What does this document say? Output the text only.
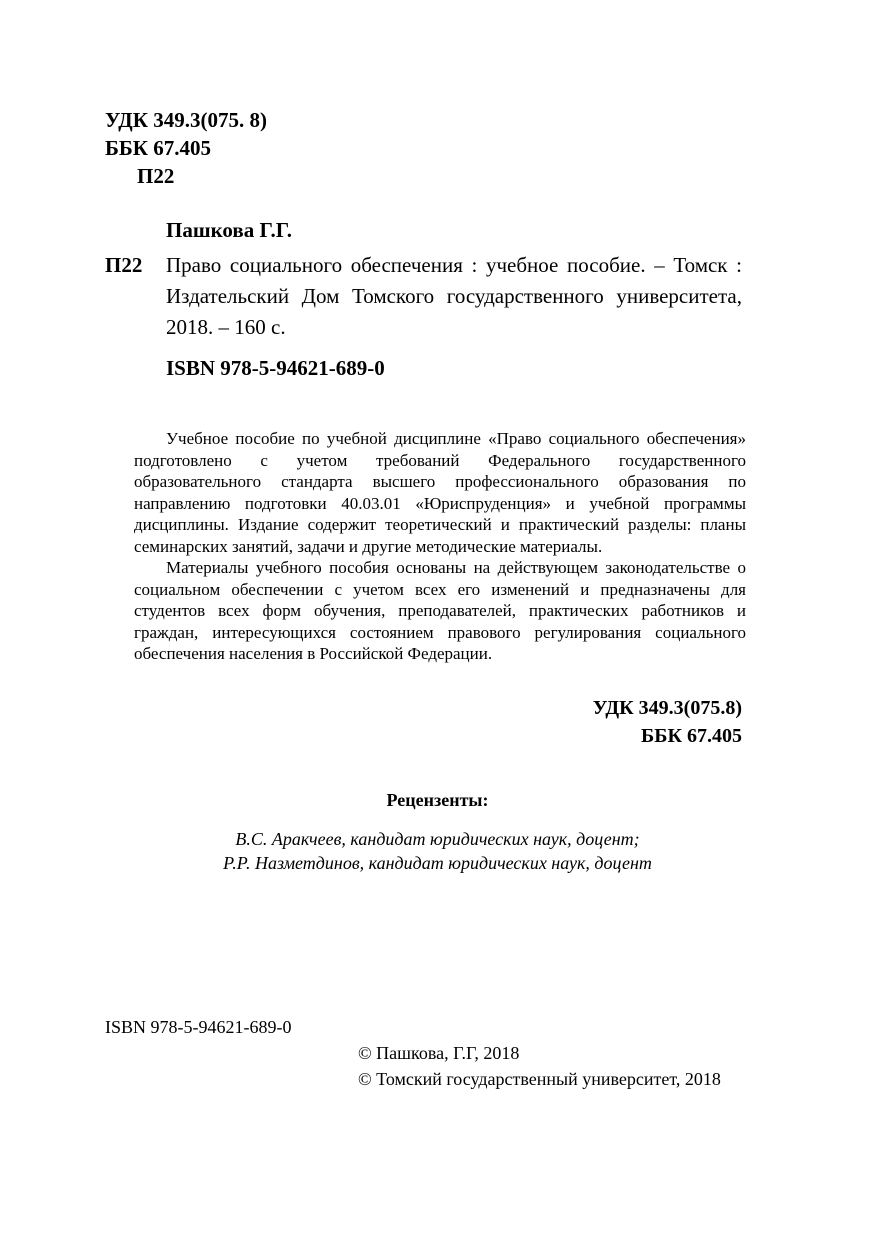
УДК 349.3(075. 8)
ББК 67.405
П22
Пашкова Г.Г.
П22 Право социального обеспечения : учебное пособие. – Томск : Издательский Дом Томского государственного университета, 2018. – 160 с.
ISBN 978-5-94621-689-0

Учебное пособие по учебной дисциплине «Право социального обеспечения» подготовлено с учетом требований Федерального государственного образовательного стандарта высшего профессионального образования по направлению подготовки 40.03.01 «Юриспруденция» и учебной программы дисциплины. Издание содержит теоретический и практический разделы: планы семинарских занятий, задачи и другие методические материалы.

Материалы учебного пособия основаны на действующем законодательстве о социальном обеспечении с учетом всех его изменений и предназначены для студентов всех форм обучения, преподавателей, практических работников и граждан, интересующихся состоянием правового регулирования социального обеспечения населения в Российской Федерации.

УДК 349.3(075.8)
ББК 67.405
Рецензенты:
В.С. Аракчеев, кандидат юридических наук, доцент;
Р.Р. Назметдинов, кандидат юридических наук, доцент
ISBN 978-5-94621-689-0
© Пашкова, Г.Г, 2018
© Томский государственный университет, 2018
